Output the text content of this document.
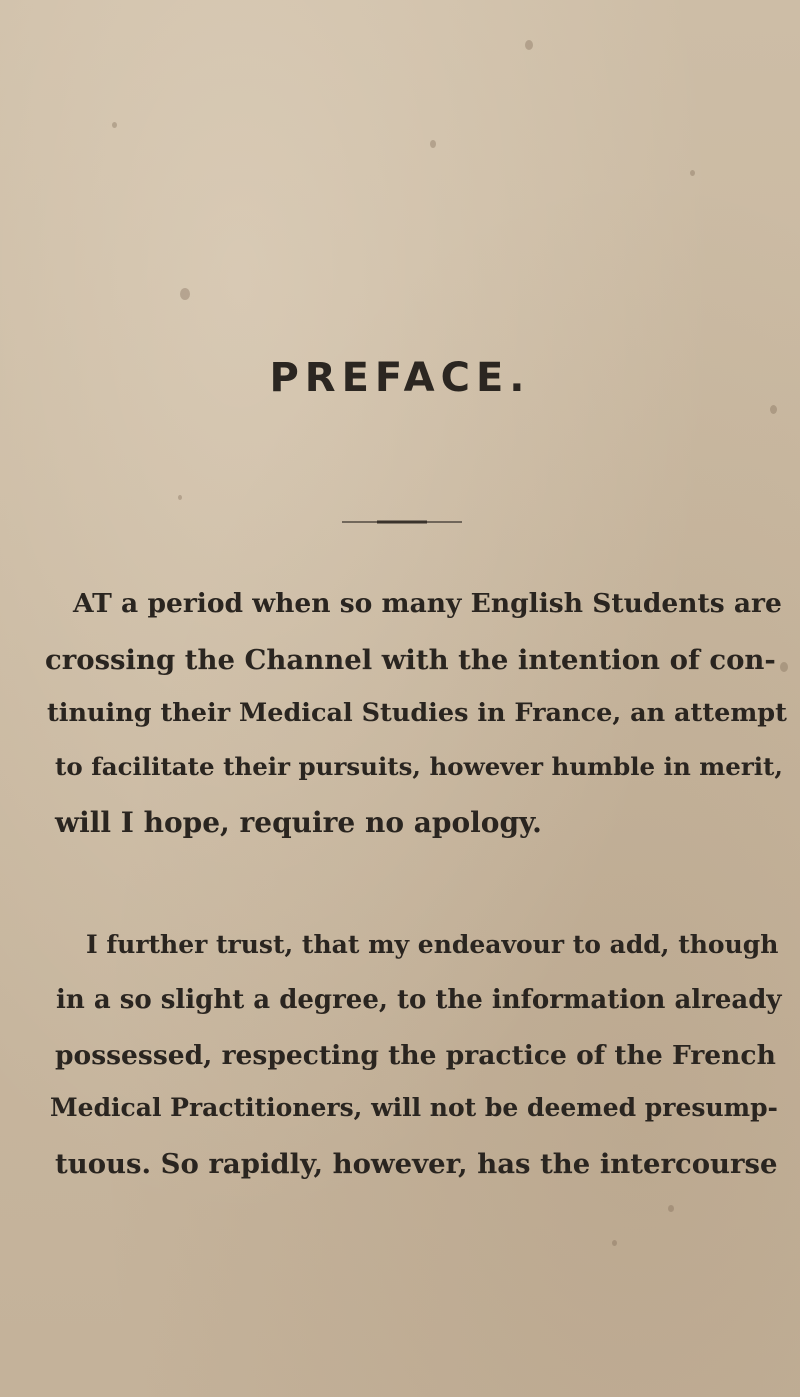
PREFACE.
AT a period when so many English Students are
crossing the Channel with the intention of con-
tinuing their Medical Studies in France, an attempt
to facilitate their pursuits, however humble in merit,
will I hope, require no apology.
I further trust, that my endeavour to add, though
in a so slight a degree, to the information already
possessed, respecting the practice of the French
Medical Practitioners, will not be deemed presump-
tuous. So rapidly, however, has the intercourse
